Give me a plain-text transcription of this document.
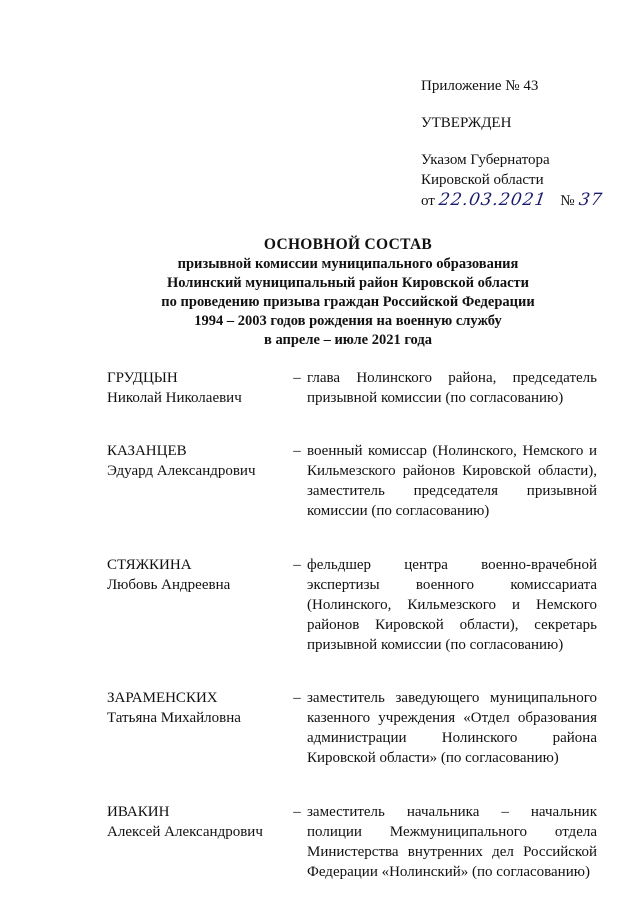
Приложение № 43
УТВЕРЖДЕН
Указом Губернатора
Кировской области
от 22.03.2021 № 37
ОСНОВНОЙ СОСТАВ
призывной комиссии муниципального образования
Нолинский муниципальный район Кировской области
по проведению призыва граждан Российской Федерации
1994 – 2003 годов рождения на военную службу
в апреле – июле 2021 года
ГРУДЦЫН
Николай Николаевич
– глава Нолинского района, председатель призывной комиссии (по согласованию)
КАЗАНЦЕВ
Эдуард Александрович
– военный комиссар (Нолинского, Немского и Кильмезского районов Кировской области), заместитель председателя призывной комиссии (по согласованию)
СТЯЖКИНА
Любовь Андреевна
– фельдшер центра военно-врачебной экспертизы военного комиссариата (Нолинского, Кильмезского и Немского районов Кировской области), секретарь призывной комиссии (по согласованию)
ЗАРАМЕНСКИХ
Татьяна Михайловна
– заместитель заведующего муниципального казенного учреждения «Отдел образования администрации Нолинского района Кировской области» (по согласованию)
ИВАКИН
Алексей Александрович
– заместитель начальника – начальник полиции Межмуниципального отдела Министерства внутренних дел Российской Федерации «Нолинский» (по согласованию)
